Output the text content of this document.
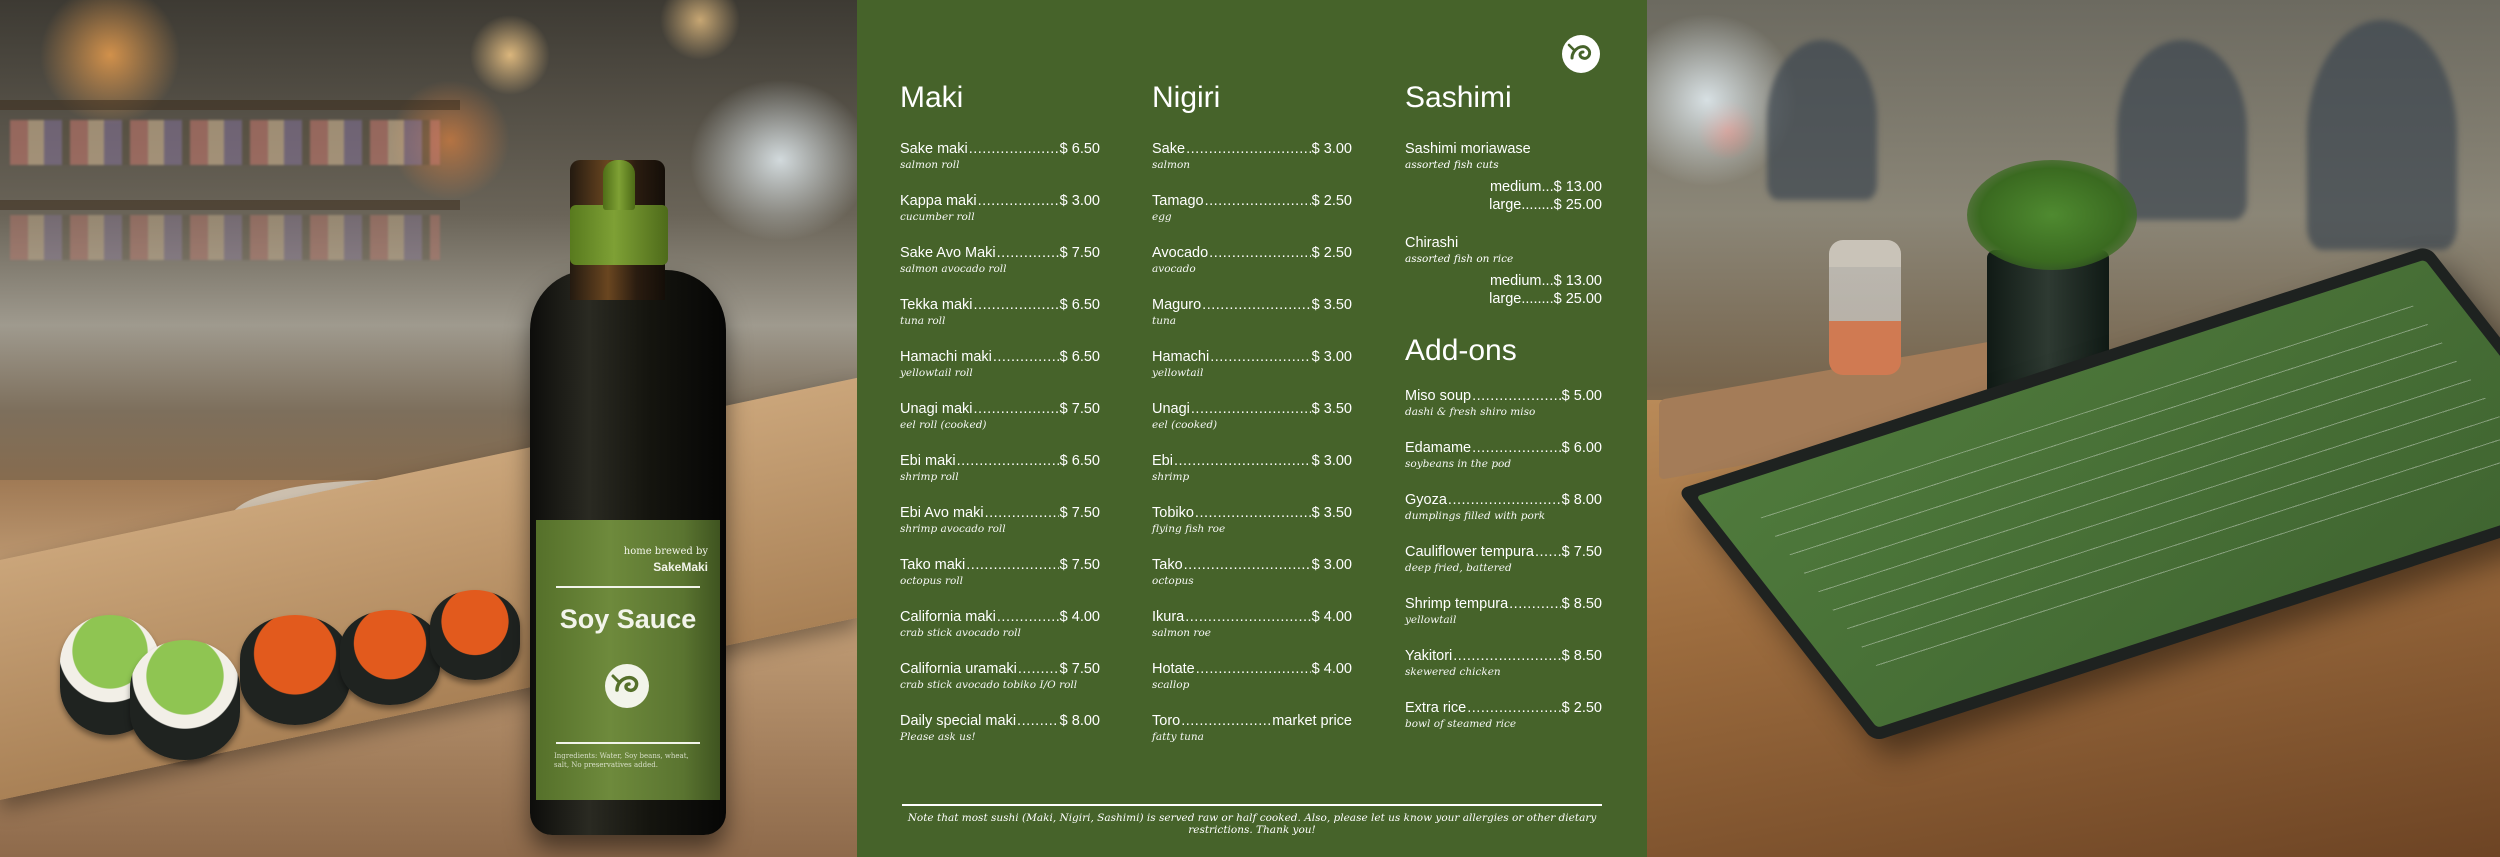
home brewed by
SakeMaki
Soy Sauce
Ingredients: Water, Soy beans, wheat, salt, No preservatives added.
Maki
Sake maki .....	$ 6.50
salmon roll
Kappa maki .....	$ 3.00
cucumber roll
Sake Avo Maki .....	$ 7.50
salmon avocado roll
Tekka maki .....	$ 6.50
tuna roll
Hamachi maki .....	$ 6.50
yellowtail roll
Unagi maki .....	$ 7.50
eel roll (cooked)
Ebi maki .....	$ 6.50
shrimp roll
Ebi Avo maki .....	$ 7.50
shrimp avocado roll
Tako maki .....	$ 7.50
octopus roll
California maki .....	$ 4.00
crab stick avocado roll
California uramaki .....	$ 7.50
crab stick avocado tobiko I/O roll
Daily special maki .....	$ 8.00
Please ask us!
Nigiri
Sake .....	$ 3.00
salmon
Tamago .....	$ 2.50
egg
Avocado .....	$ 2.50
avocado
Maguro .....	$ 3.50
tuna
Hamachi .....	$ 3.00
yellowtail
Unagi .....	$ 3.50
eel (cooked)
Ebi .....	$ 3.00
shrimp
Tobiko .....	$ 3.50
flying fish roe
Tako .....	$ 3.00
octopus
Ikura .....	$ 4.00
salmon roe
Hotate .....	$ 4.00
scallop
Toro .....	market price
fatty tuna
Sashimi
Sashimi moriawase
assorted fish cuts
medium ... $ 13.00
large ........ $ 25.00
Chirashi
assorted fish on rice
medium ... $ 13.00
large ........ $ 25.00
Add-ons
Miso soup .....	$ 5.00
dashi & fresh shiro miso
Edamame .....	$ 6.00
soybeans in the pod
Gyoza .....	$ 8.00
dumplings filled with pork
Cauliflower tempura ..... $ 7.50
deep fried, battered
Shrimp tempura .....	$ 8.50
yellowtail
Yakitori .....	$ 8.50
skewered chicken
Extra rice .....	$ 2.50
bowl of steamed rice
Note that most sushi (Maki, Nigiri, Sashimi) is served raw or half cooked. Also, please let us know your allergies or other dietary restrictions. Thank you!
